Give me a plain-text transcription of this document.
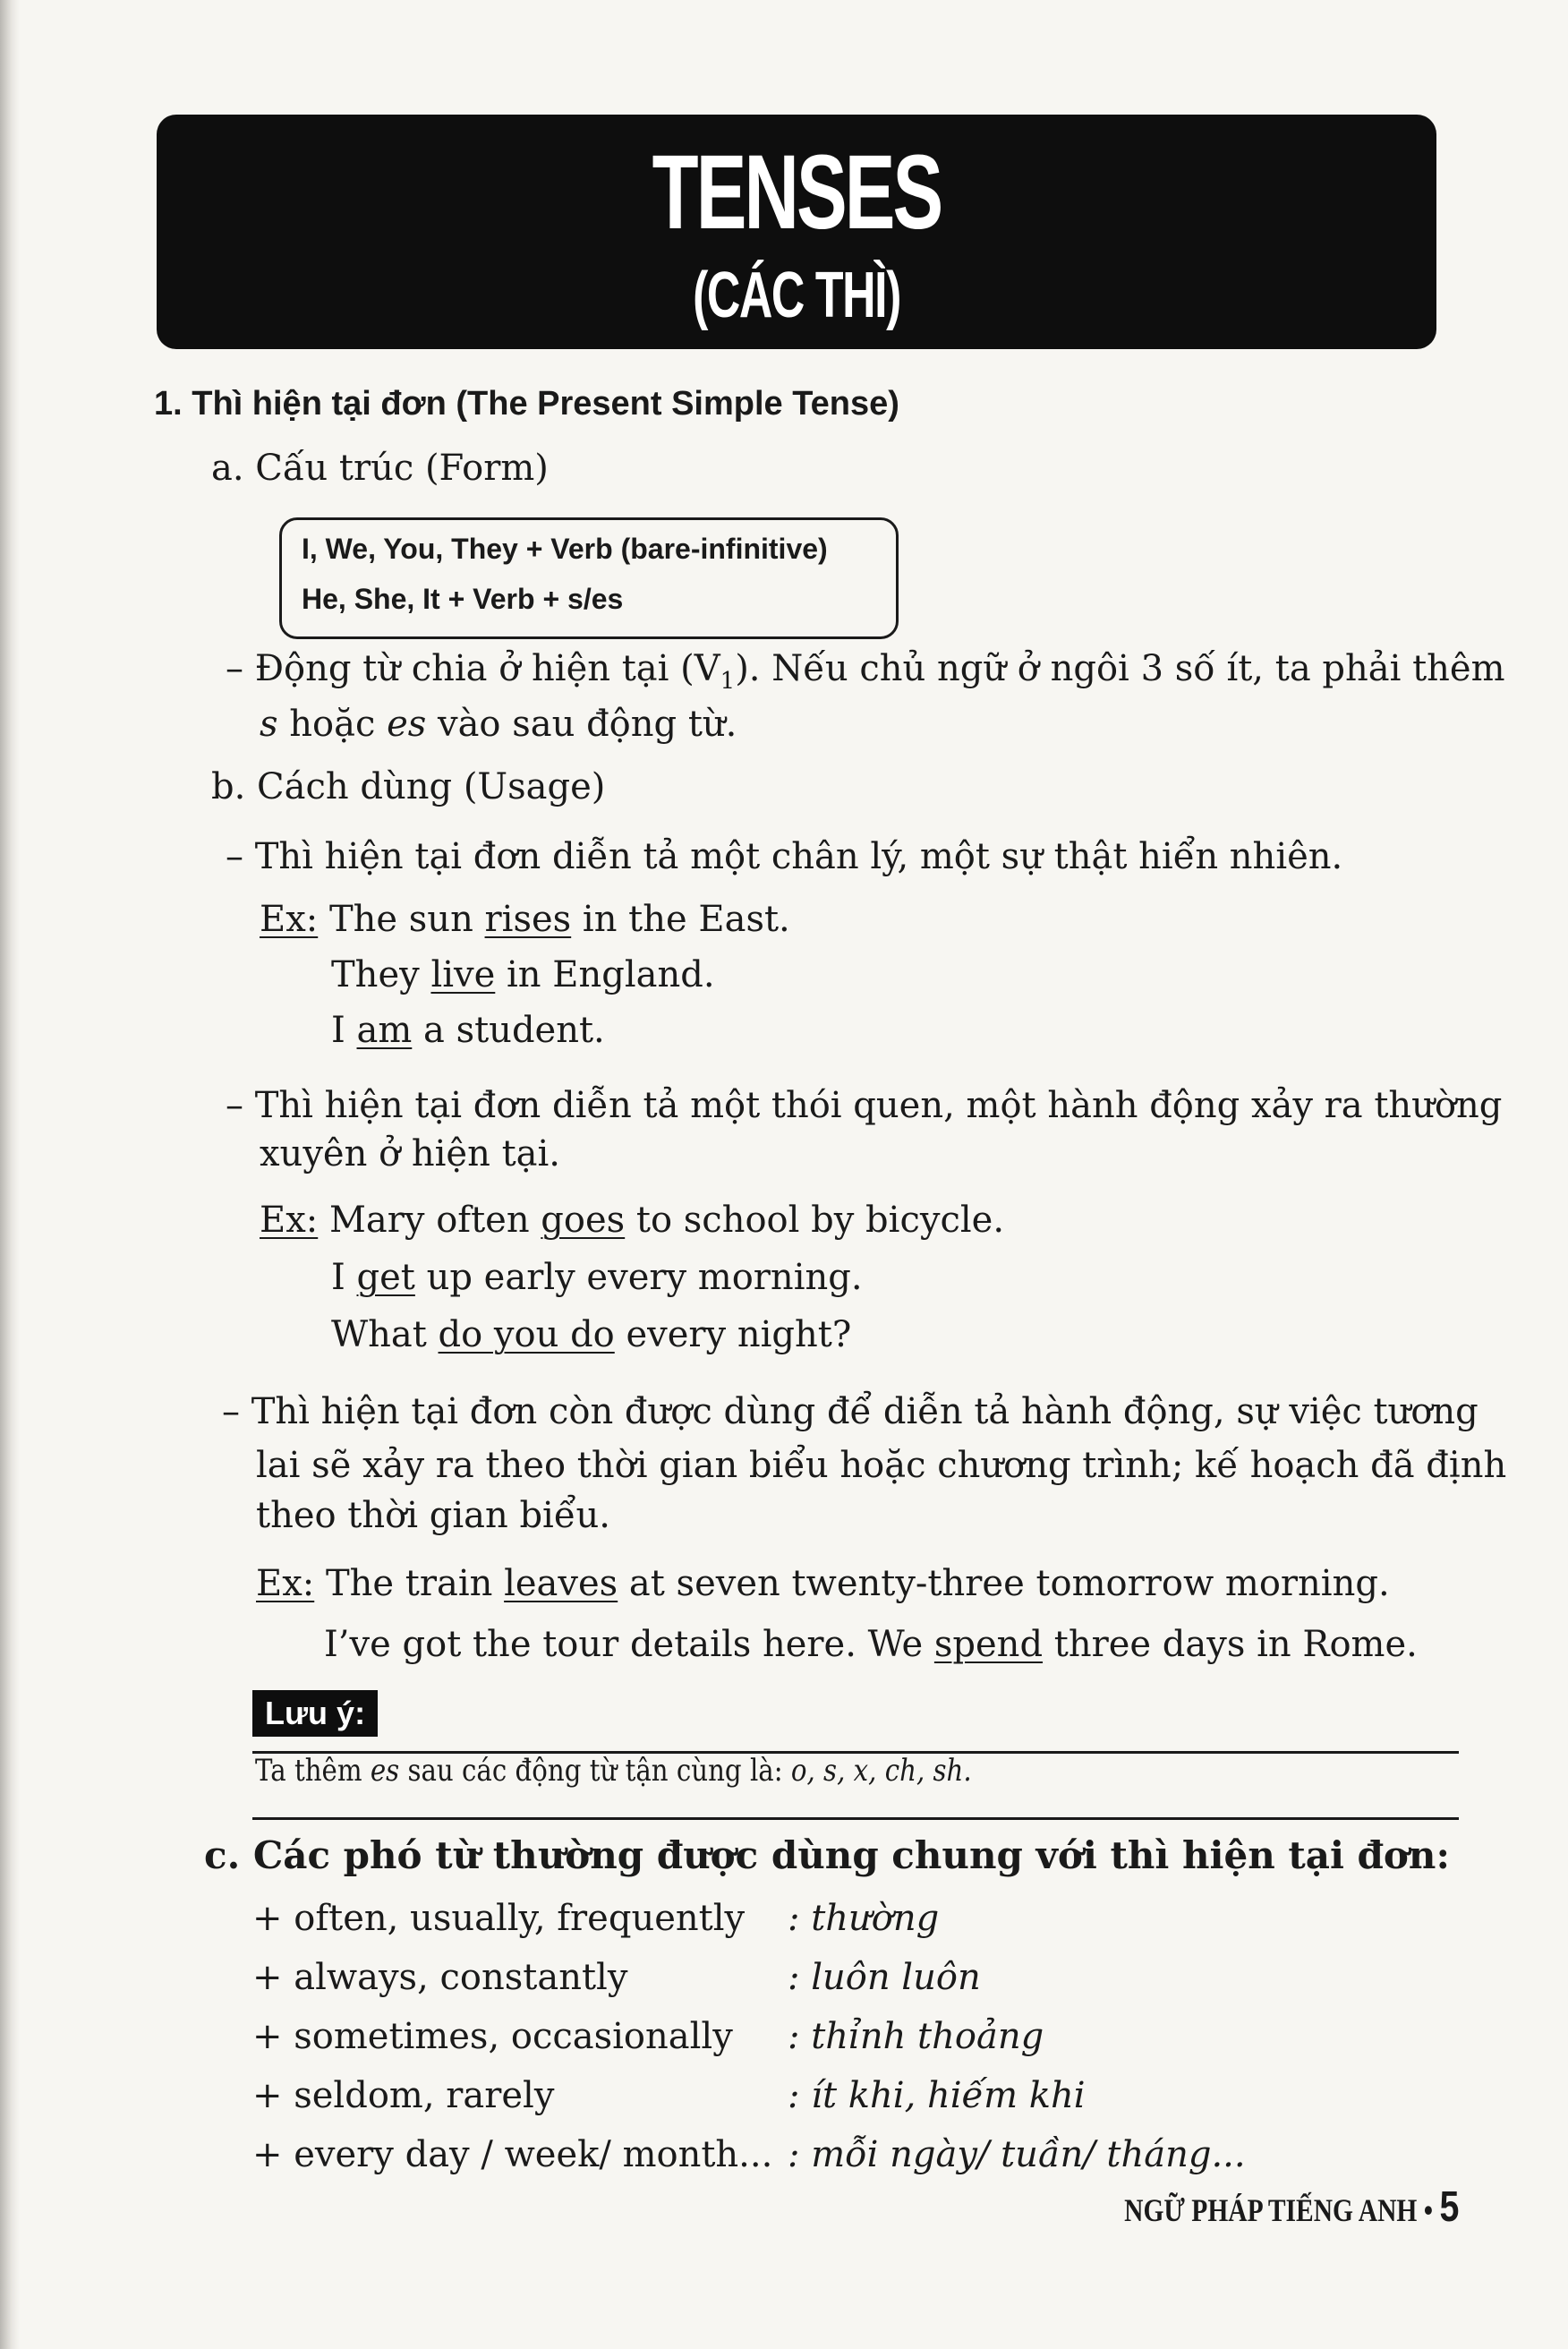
TENSES
(CÁC THÌ)
1. Thì hiện tại đơn (The Present Simple Tense)
a. Cấu trúc (Form)
I, We, You, They + Verb (bare-infinitive)
He, She, It + Verb + s/es
– Động từ chia ở hiện tại $(V_1)$. Nếu chủ ngữ ở ngôi 3 số ít, ta phải thêm
s hoặc es vào sau động từ.
b. Cách dùng (Usage)
– Thì hiện tại đơn diễn tả một chân lý, một sự thật hiển nhiên.
Ex: The sun rises in the East.
They live in England.
I am a student.
– Thì hiện tại đơn diễn tả một thói quen, một hành động xảy ra thường
xuyên ở hiện tại.
Ex: Mary often goes to school by bicycle.
I get up early every morning.
What do you do every night?
– Thì hiện tại đơn còn được dùng để diễn tả hành động, sự việc tương
lai sẽ xảy ra theo thời gian biểu hoặc chương trình; kế hoạch đã định
theo thời gian biểu.
Ex: The train leaves at seven twenty-three tomorrow morning.
I’ve got the tour details here. We spend three days in Rome.
Lưu ý:
Ta thêm es sau các động từ tận cùng là: o, s, x, ch, sh.
c. Các phó từ thường được dùng chung với thì hiện tại đơn:
+ often, usually, frequently : thường
+ always, constantly	: luôn luôn
+ sometimes, occasionally : thỉnh thoảng
+ seldom, rarely	: ít khi, hiếm khi
+ every day / week/ month... : mỗi ngày/ tuần/ tháng...
NGỮ PHÁP TIẾNG ANH • 5
